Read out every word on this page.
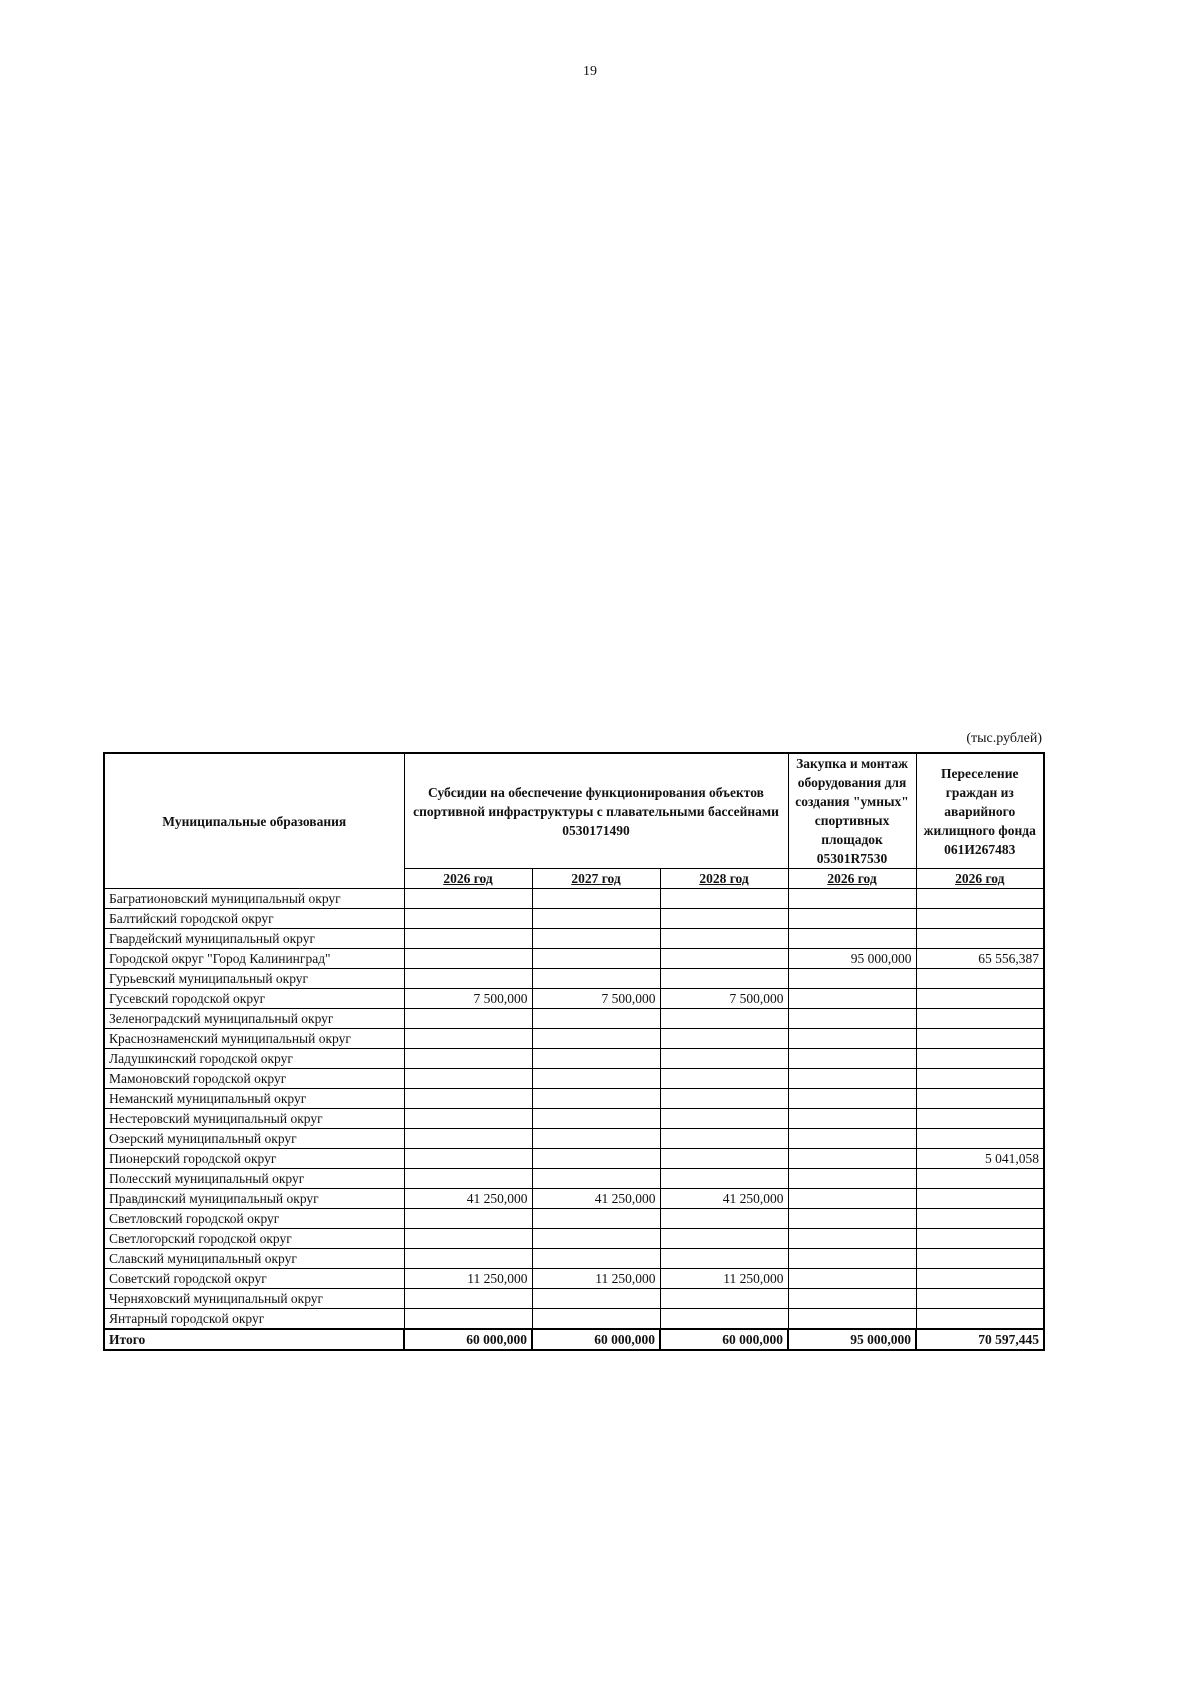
19
(тыс.рублей)
Муниципальные образования	Субсидии на обеспечение функционирования объектов спортивной инфраструктуры с плавательными бассейнами 0530171490			Закупка и монтаж оборудования для создания "умных" спортивных площадок 05301R7530	Переселение граждан из аварийного жилищного фонда 061И267483
	2026 год	2027 год	2028 год	2026 год	2026 год
Багратионовский муниципальный округ					
Балтийский городской округ					
Гвардейский муниципальный округ					
Городской округ "Город Калининград"				95 000,000	65 556,387
Гурьевский муниципальный округ					
Гусевский городской округ	7 500,000	7 500,000	7 500,000		
Зеленоградский муниципальный округ					
Краснознаменский муниципальный округ					
Ладушкинский городской округ					
Мамоновский городской округ					
Неманский муниципальный округ					
Нестеровский муниципальный округ					
Озерский муниципальный округ					
Пионерский городской округ					5 041,058
Полесский муниципальный округ					
Правдинский муниципальный округ	41 250,000	41 250,000	41 250,000		
Светловский городской округ					
Светлогорский городской округ					
Славский муниципальный округ					
Советский городской округ	11 250,000	11 250,000	11 250,000		
Черняховский муниципальный округ					
Янтарный городской округ					
Итого	60 000,000	60 000,000	60 000,000	95 000,000	70 597,445
